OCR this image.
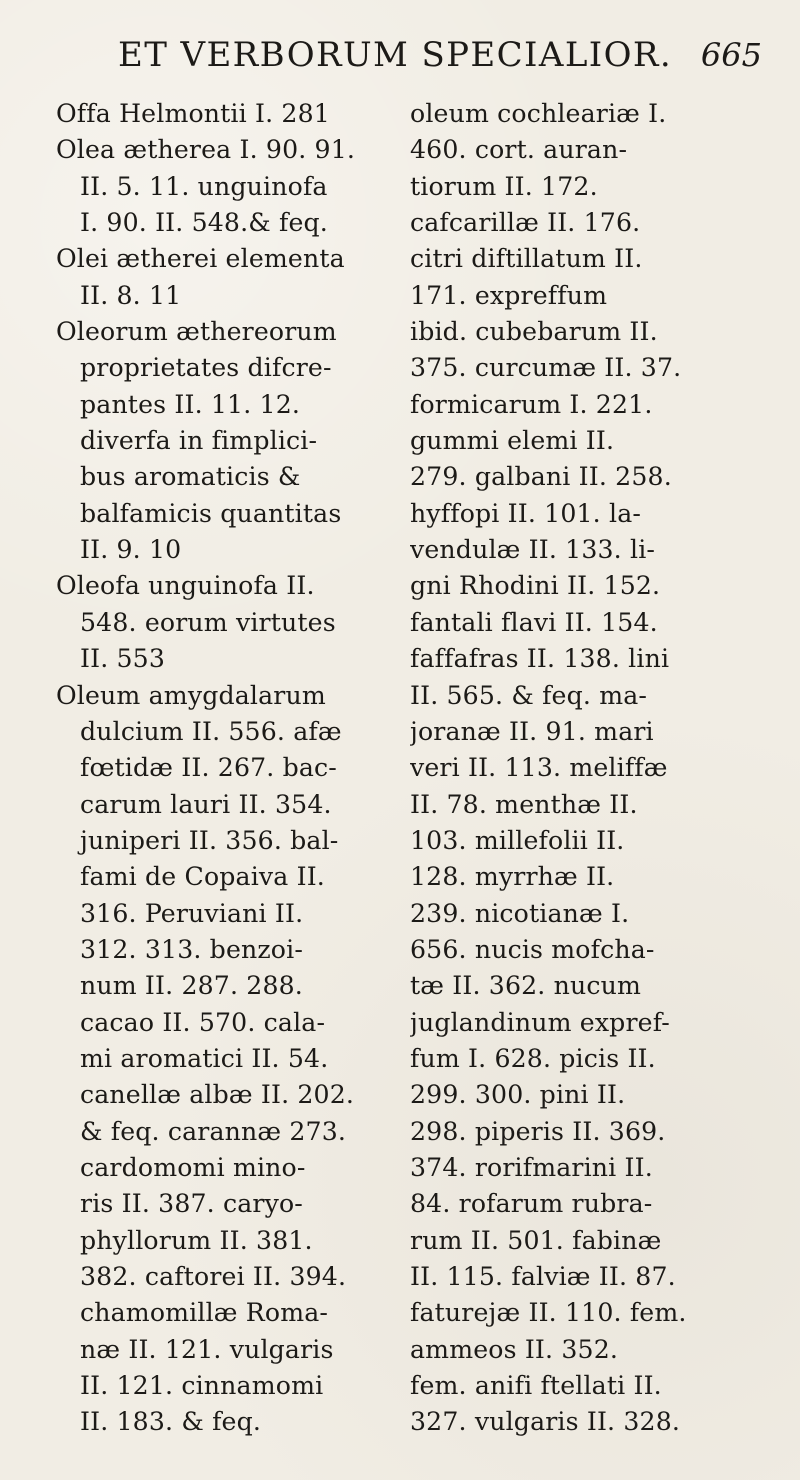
ET VERBORUM SPECIALIOR. 665
Offa Helmontii I. 281
Olea ætherea I. 90. 91.
II. 5. 11. unguinofa
I. 90. II. 548.& feq.
Olei ætherei elementa
II. 8. 11
Oleorum æthereorum
proprietates difcre-
pantes II. 11. 12.
diverfa in fimplici-
bus aromaticis &
balfamicis quantitas
II. 9. 10
Oleofa unguinofa II.
548. eorum virtutes
II. 553
Oleum amygdalarum
dulcium II. 556. afæ
fœtidæ II. 267. bac-
carum lauri II. 354.
juniperi II. 356. bal-
fami de Copaiva II.
316. Peruviani II.
312. 313. benzoi-
num II. 287. 288.
cacao II. 570. cala-
mi aromatici II. 54.
canellæ albæ II. 202.
& feq. carannæ 273.
cardomomi mino-
ris II. 387. caryo-
phyllorum II. 381.
382. caftorei II. 394.
chamomillæ Roma-
næ II. 121. vulgaris
II. 121. cinnamomi
II. 183. & feq.
oleum cochleariæ I.
460. cort. auran-
tiorum II. 172.
cafcarillæ II. 176.
citri diftillatum II.
171. expreffum
ibid. cubebarum II.
375. curcumæ II. 37.
formicarum I. 221.
gummi elemi II.
279. galbani II. 258.
hyffopi II. 101. la-
vendulæ II. 133. li-
gni Rhodini II. 152.
fantali flavi II. 154.
faffafras II. 138. lini
II. 565. & feq. ma-
joranæ II. 91. mari
veri II. 113. meliffæ
II. 78. menthæ II.
103. millefolii II.
128. myrrhæ II.
239. nicotianæ I.
656. nucis mofcha-
tæ II. 362. nucum
juglandinum expref-
fum I. 628. picis II.
299. 300. pini II.
298. piperis II. 369.
374. rorifmarini II.
84. rofarum rubra-
rum II. 501. fabinæ
II. 115. falviæ II. 87.
faturejæ II. 110. fem.
ammeos II. 352.
fem. anifi ftellati II.
327. vulgaris II. 328.
